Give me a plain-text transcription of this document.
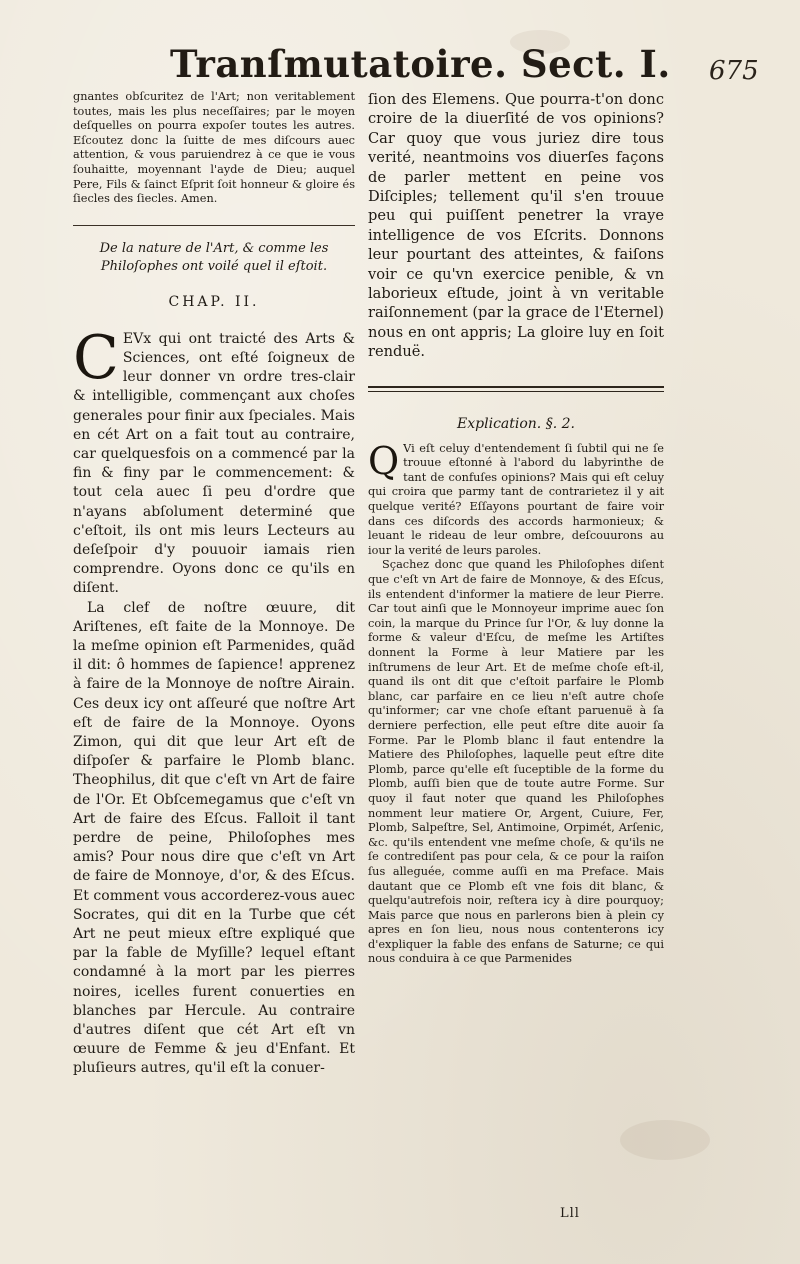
Tranſmutatoire. Sect. I. 675

gnantes obſcuritez de l'Art; non veritablement toutes, mais les plus neceſſaires; par le moyen deſquelles on pourra expoſer toutes les autres. Eſcoutez donc la ſuitte de mes diſcours auec attention, & vous paruiendrez à ce que ie vous ſouhaitte, moyennant l'ayde de Dieu; auquel Pere, Fils & ſainct Eſprit ſoit honneur & gloire és ſiecles des ſiecles. Amen.

De la nature de l'Art, & comme les

Philoſophes ont voilé quel il eſtoit.

CHAP. II.

C EVx qui ont traicté des Arts & Sciences, ont eſté ſoigneux de leur donner vn ordre tres-clair & intelligible, commençant aux choſes generales pour finir aux ſpeciales. Mais en cét Art on a fait tout au contraire, car quelquesfois on a commencé par la fin & finy par le commencement: & tout cela auec ſi peu d'ordre que n'ayans abſolument determiné que c'eſtoit, ils ont mis leurs Lecteurs au deſeſpoir d'y pouuoir iamais rien comprendre. Oyons donc ce qu'ils en diſent.

La clef de noſtre œuure, dit Ariſtenes, eſt faite de la Monnoye. De la meſme opinion eſt Parmenides, quãd il dit: ô hommes de ſapience! apprenez à faire de la Monnoye de noſtre Airain. Ces deux icy ont aſſeuré que noſtre Art eſt de faire de la Monnoye. Oyons Zimon, qui dit que leur Art eſt de diſpoſer & parfaire le Plomb blanc. Theophilus, dit que c'eſt vn Art de faire de l'Or. Et Obſcemegamus que c'eſt vn Art de faire des Eſcus. Falloit il tant perdre de peine, Philoſophes mes amis? Pour nous dire que c'eſt vn Art de faire de Monnoye, d'or, & des Eſcus. Et comment vous accorderez-vous auec Socrates, qui dit en la Turbe que cét Art ne peut mieux eſtre expliqué que par la fable de Myſille? lequel eſtant condamné à la mort par les pierres noires, icelles furent conuerties en blanches par Hercule. Au contraire d'autres diſent que cét Art eſt vn œuure de Femme & jeu d'Enfant. Et pluſieurs autres, qu'il eſt la conuer-

ſion des Elemens. Que pourra-t'on donc croire de la diuerſité de vos opinions? Car quoy que vous juriez dire tous verité, neantmoins vos diuerſes façons de parler mettent en peine vos Diſciples; tellement qu'il s'en trouue peu qui puiſſent penetrer la vraye intelligence de vos Eſcrits. Donnons leur pourtant des atteintes, & faiſons voir ce qu'vn exercice penible, & vn laborieux eſtude, joint à vn veritable raiſonnement (par la grace de l'Eternel) nous en ont appris; La gloire luy en ſoit renduë.

Explication. §. 2.

Q Vi eſt celuy d'entendement ſi ſubtil qui ne ſe trouue eſtonné à l'abord du labyrinthe de tant de confuſes opinions? Mais qui eſt celuy qui croira que parmy tant de contrarietez il y ait quelque verité? Eſſayons pourtant de faire voir dans ces diſcords des accords harmonieux; & leuant le rideau de leur ombre, deſcouurons au iour la verité de leurs paroles.

Sçachez donc que quand les Philoſophes diſent que c'eſt vn Art de faire de Monnoye, & des Eſcus, ils entendent d'informer la matiere de leur Pierre. Car tout ainſi que le Monnoyeur imprime auec ſon coin, la marque du Prince ſur l'Or, & luy donne la forme & valeur d'Eſcu, de meſme les Artiſtes donnent la Forme à leur Matiere par les inſtrumens de leur Art. Et de meſme choſe eſt-il, quand ils ont dit que c'eſtoit parfaire le Plomb blanc, car parfaire en ce lieu n'eſt autre choſe qu'informer; car vne choſe eſtant paruenuë à ſa derniere perfection, elle peut eſtre dite auoir ſa Forme. Par le Plomb blanc il faut entendre la Matiere des Philoſophes, laquelle peut eſtre dite Plomb, parce qu'elle eſt ſuceptible de la forme du Plomb, auſſi bien que de toute autre Forme. Sur quoy il faut noter que quand les Philoſophes nomment leur matiere Or, Argent, Cuiure, Fer, Plomb, Salpeſtre, Sel, Antimoine, Orpimét, Arſenic, &c. qu'ils entendent vne meſme choſe, & qu'ils ne ſe contrediſent pas pour cela, & ce pour la raiſon ſus alleguée, comme auſſi en ma Preface. Mais dautant que ce Plomb eſt vne fois dit blanc, & quelqu'autrefois noir, reſtera icy à dire pourquoy; Mais parce que nous en parlerons bien à plein cy apres en ſon lieu, nous nous contenterons icy d'expliquer la fable des enfans de Saturne; ce qui nous conduira à ce que Parmenides

Lll
